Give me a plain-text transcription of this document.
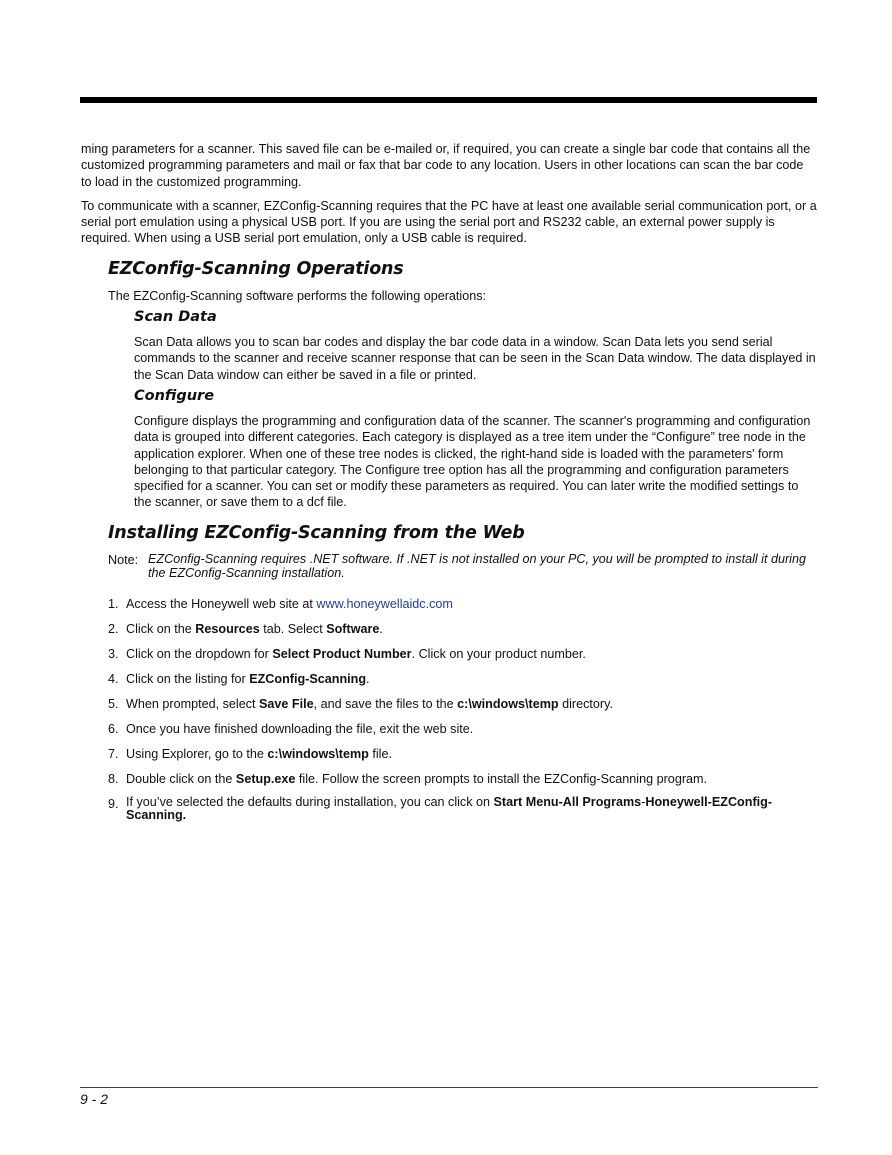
ming parameters for a scanner. This saved file can be e-mailed or, if required, you can create a single bar code that contains all the customized programming parameters and mail or fax that bar code to any location. Users in other locations can scan the bar code to load in the customized programming.

To communicate with a scanner, EZConfig-Scanning requires that the PC have at least one available serial communication port, or a serial port emulation using a physical USB port. If you are using the serial port and RS232 cable, an external power supply is required. When using a USB serial port emulation, only a USB cable is required.

EZConfig-Scanning Operations

The EZConfig-Scanning software performs the following operations:

Scan Data

Scan Data allows you to scan bar codes and display the bar code data in a window. Scan Data lets you send serial commands to the scanner and receive scanner response that can be seen in the Scan Data window. The data displayed in the Scan Data window can either be saved in a file or printed.

Configure

Configure displays the programming and configuration data of the scanner. The scanner's programming and configuration data is grouped into different categories. Each category is displayed as a tree item under the “Configure” tree node in the application explorer. When one of these tree nodes is clicked, the right-hand side is loaded with the parameters' form belonging to that particular category. The Configure tree option has all the programming and configuration parameters specified for a scanner. You can set or modify these parameters as required. You can later write the modified settings to the scanner, or save them to a dcf file.

Installing EZConfig-Scanning from the Web
Note: EZConfig-Scanning requires .NET software. If .NET is not installed on your PC, you will be prompted to install it during the EZConfig-Scanning installation.
1. Access the Honeywell web site at www.honeywellaidc.com
2. Click on the Resources tab. Select Software.
3. Click on the dropdown for Select Product Number. Click on your product number.
4. Click on the listing for EZConfig-Scanning.
5. When prompted, select Save File, and save the files to the c:\windows\temp directory.
6. Once you have finished downloading the file, exit the web site.
7. Using Explorer, go to the c:\windows\temp file.
8. Double click on the Setup.exe file. Follow the screen prompts to install the EZConfig-Scanning program.
9. If you’ve selected the defaults during installation, you can click on Start Menu-All Programs-Honeywell-EZConfig-Scanning.
9 - 2
